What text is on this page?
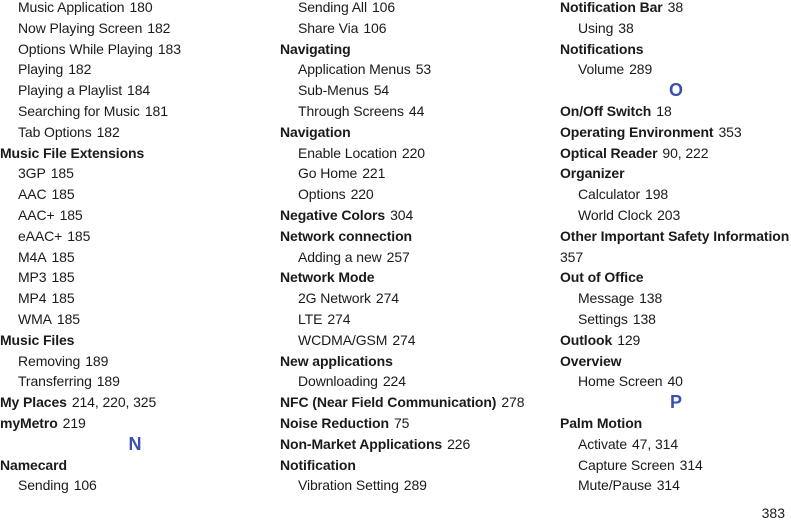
Music Application 180
Now Playing Screen 182
Options While Playing 183
Playing 182
Playing a Playlist 184
Searching for Music 181
Tab Options 182
Music File Extensions
3GP 185
AAC 185
AAC+ 185
eAAC+ 185
M4A 185
MP3 185
MP4 185
WMA 185
Music Files
Removing 189
Transferring 189
My Places 214, 220, 325
myMetro 219
N
Namecard
Sending 106
Sending All 106
Share Via 106
Navigating
Application Menus 53
Sub-Menus 54
Through Screens 44
Navigation
Enable Location 220
Go Home 221
Options 220
Negative Colors 304
Network connection
Adding a new 257
Network Mode
2G Network 274
LTE 274
WCDMA/GSM 274
New applications
Downloading 224
NFC (Near Field Communication) 278
Noise Reduction 75
Non-Market Applications 226
Notification
Vibration Setting 289
Notification Bar 38
Using 38
Notifications
Volume 289
O
On/Off Switch 18
Operating Environment 353
Optical Reader 90, 222
Organizer
Calculator 198
World Clock 203
Other Important Safety Information
357
Out of Office
Message 138
Settings 138
Outlook 129
Overview
Home Screen 40
P
Palm Motion
Activate 47, 314
Capture Screen 314
Mute/Pause 314
383
